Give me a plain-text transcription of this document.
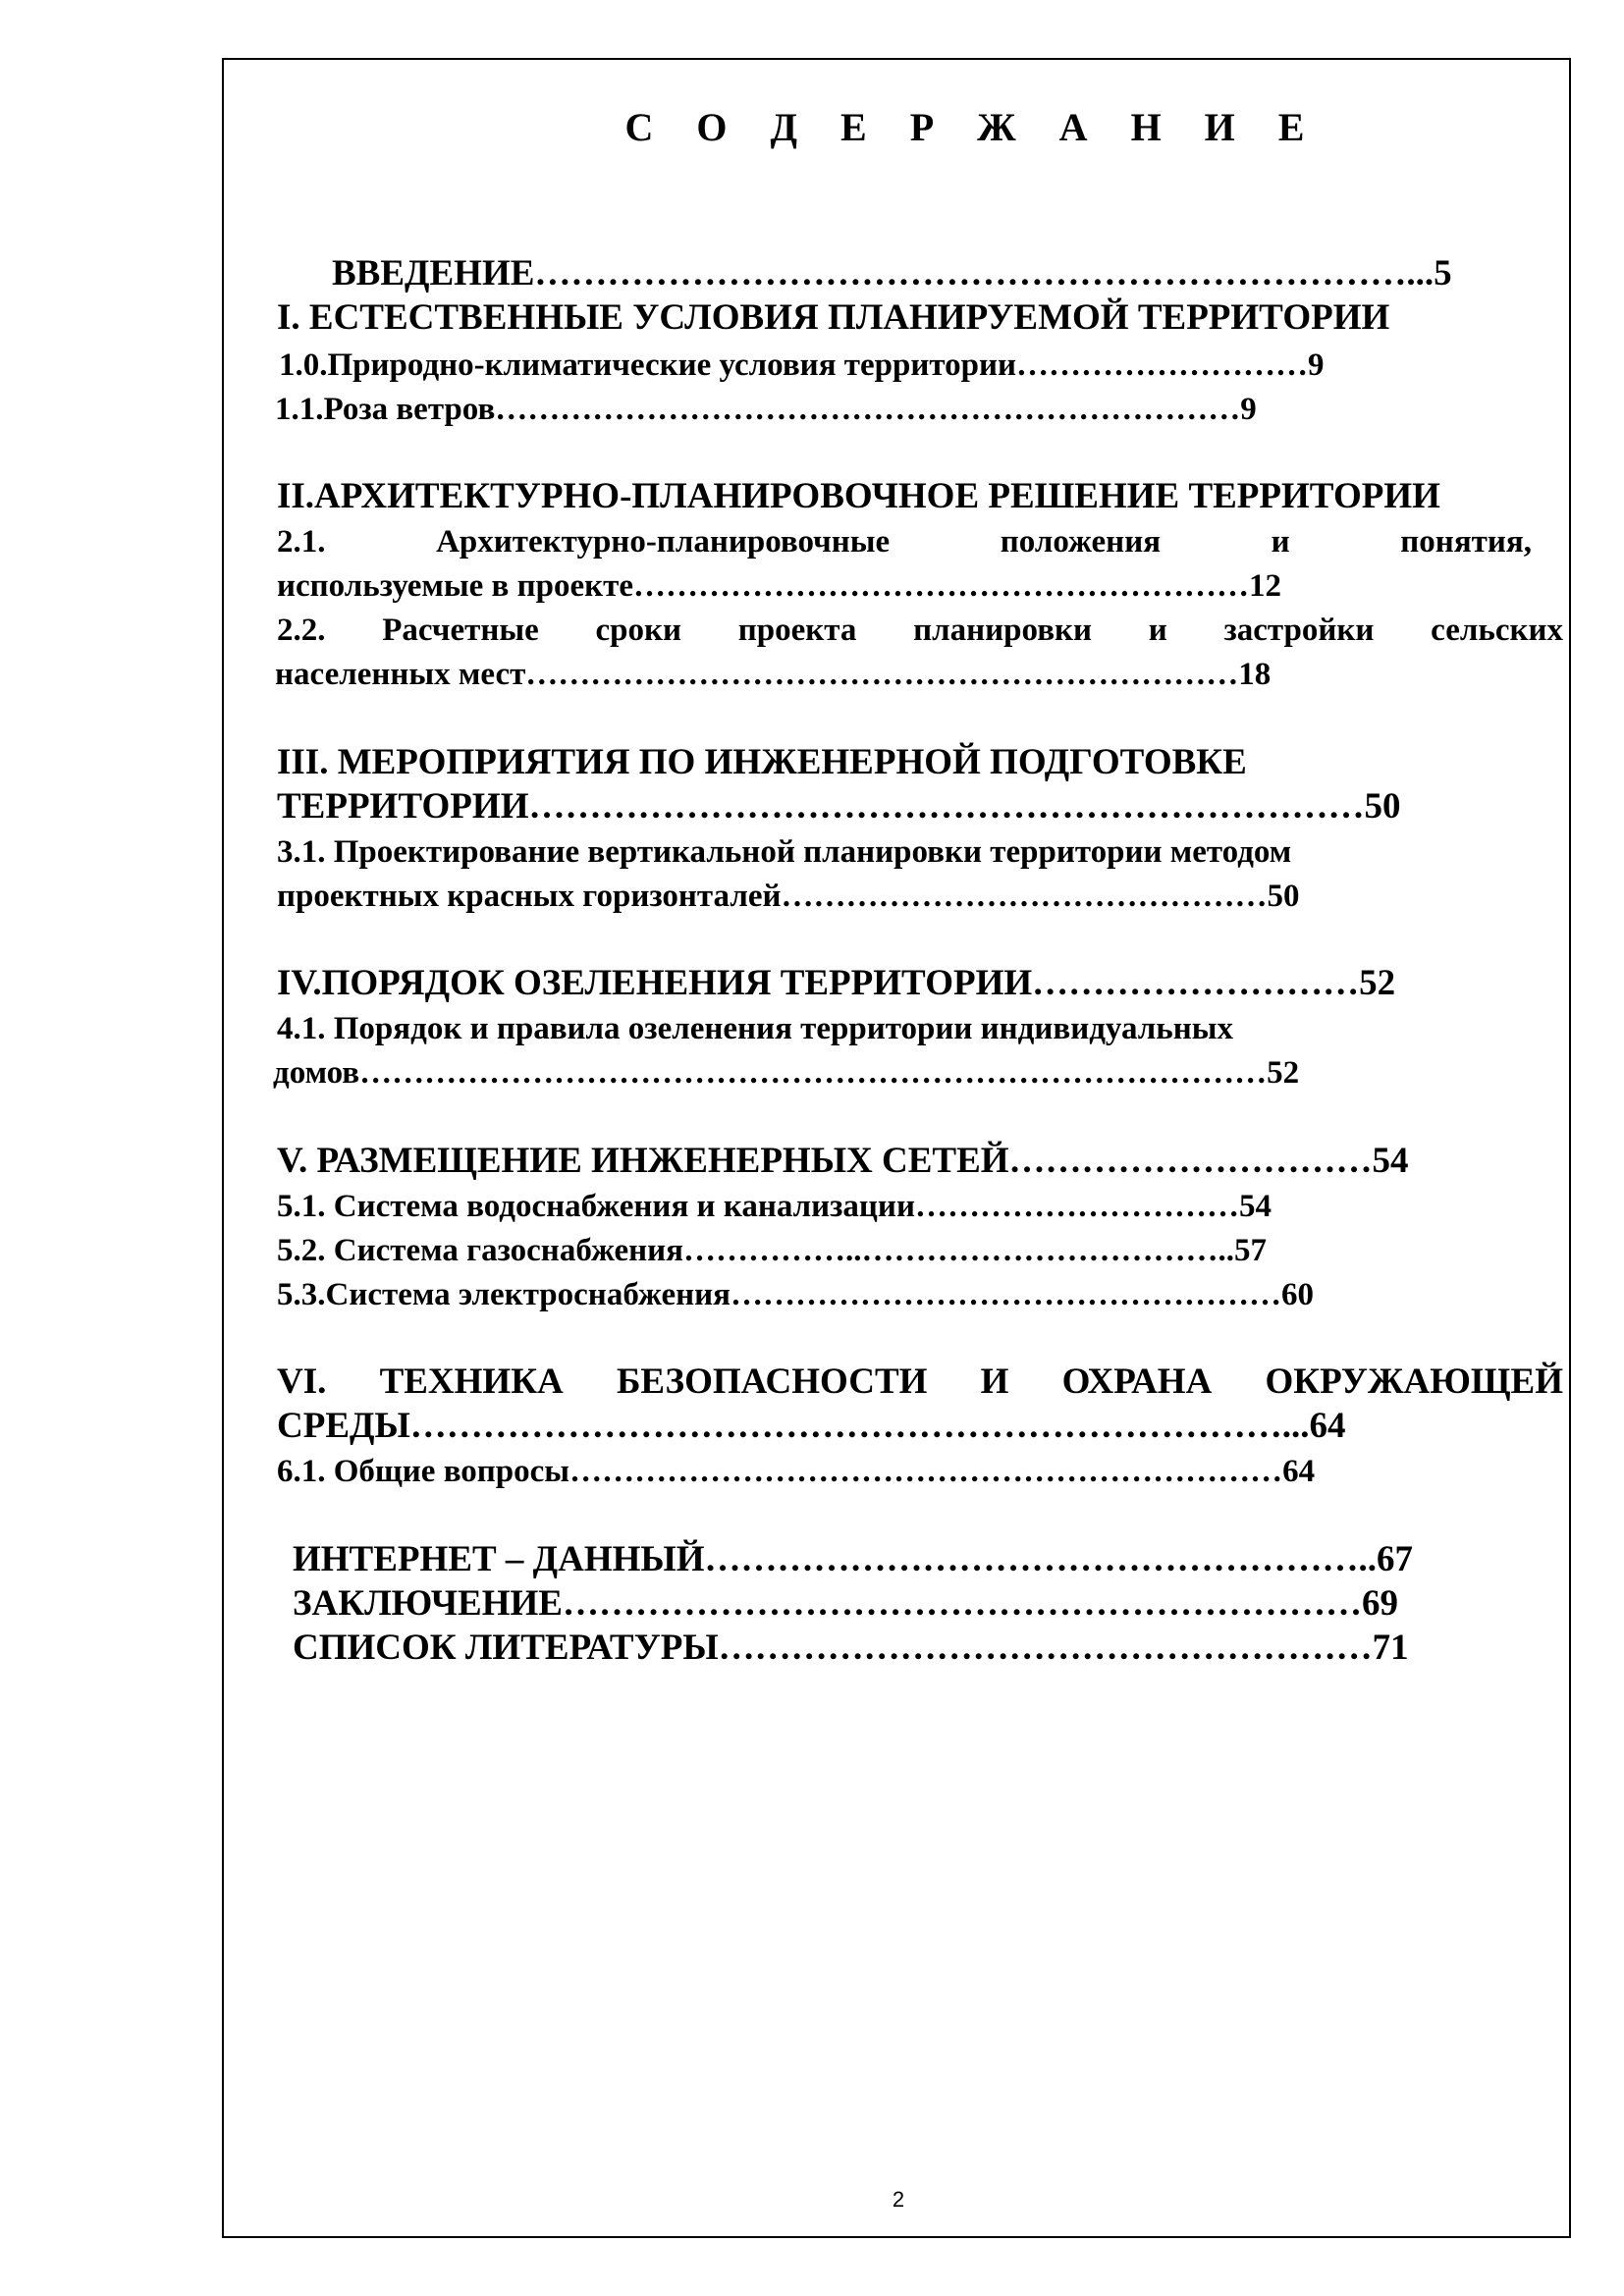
С О Д Е Р Ж А Н И Е
ВВЕДЕНИЕ………………………………………………………………...5
I. ЕСТЕСТВЕННЫЕ УСЛОВИЯ ПЛАНИРУЕМОЙ ТЕРРИТОРИИ
1.0.Природно-климатические условия территории………………………9
1.1.Роза ветров……………………………………………………………9
II.АРХИТЕКТУРНО-ПЛАНИРОВОЧНОЕ РЕШЕНИЕ ТЕРРИТОРИИ
2.1. Архитектурно-планировочные положения и понятия,
используемые в проекте…………………………………………………12
2.2. Расчетные сроки проекта планировки и застройки сельских
населенных мест…………………………………………………………18
III. МЕРОПРИЯТИЯ ПО ИНЖЕНЕРНОЙ ПОДГОТОВКЕ
ТЕРРИТОРИИ……………………………………………………………50
3.1. Проектирование вертикальной планировки территории методом
проектных красных горизонталей………………………………………50
IV.ПОРЯДОК ОЗЕЛЕНЕНИЯ ТЕРРИТОРИИ………………………52
4.1. Порядок и правила озеленения территории индивидуальных
домов…………………………………………………………………………52
V. РАЗМЕЩЕНИЕ ИНЖЕНЕРНЫХ СЕТЕЙ…………………………54
5.1. Система водоснабжения и канализации…………………………54
5.2. Система газоснабжения……………..……………………………..57
5.3.Система электроснабжения……………………………………………60
VI. ТЕХНИКА БЕЗОПАСНОСТИ И ОХРАНА ОКРУЖАЮЩЕЙ
СРЕДЫ………………………………………………………………...64
6.1. Общие вопросы…………………………………………………………64
ИНТЕРНЕТ – ДАННЫЙ………………………………………………..67
ЗАКЛЮЧЕНИЕ…………………………………………………………69
СПИСОК ЛИТЕРАТУРЫ………………………………………………71
2
